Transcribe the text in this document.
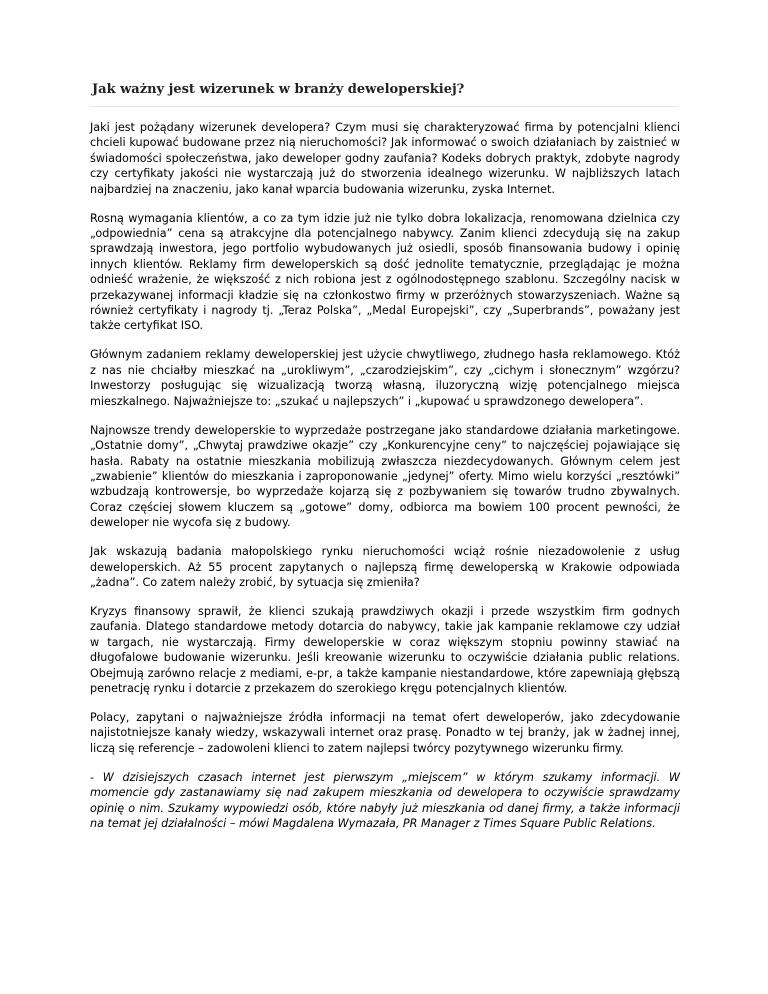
Jak ważny jest wizerunek w branży deweloperskiej?

Jaki jest pożądany wizerunek developera? Czym musi się charakteryzować firma by potencjalni klienci chcieli kupować budowane przez nią nieruchomości? Jak informować o swoich działaniach by zaistnieć w świadomości społeczeństwa, jako deweloper godny zaufania? Kodeks dobrych praktyk, zdobyte nagrody czy certyfikaty jakości nie wystarczają już do stworzenia idealnego wizerunku. W najbliższych latach najbardziej na znaczeniu, jako kanał wparcia budowania wizerunku, zyska Internet.

Rosną wymagania klientów, a co za tym idzie już nie tylko dobra lokalizacja, renomowana dzielnica czy „odpowiednia” cena są atrakcyjne dla potencjalnego nabywcy. Zanim klienci zdecydują się na zakup sprawdzają inwestora, jego portfolio wybudowanych już osiedli, sposób finansowania budowy i opinię innych klientów. Reklamy firm deweloperskich są dość jednolite tematycznie, przeglądając je można odnieść wrażenie, że większość z nich robiona jest z ogólnodostępnego szablonu. Szczególny nacisk w przekazywanej informacji kładzie się na członkostwo firmy w przeróżnych stowarzyszeniach. Ważne są również certyfikaty i nagrody tj. „Teraz Polska”, „Medal Europejski”, czy „Superbrands”, poważany jest także certyfikat ISO.

Głównym zadaniem reklamy deweloperskiej jest użycie chwytliwego, złudnego hasła reklamowego. Któż z nas nie chciałby mieszkać na „urokliwym”, „czarodziejskim”, czy „cichym i słonecznym” wzgórzu? Inwestorzy posługując się wizualizacją tworzą własną, iluzoryczną wizję potencjalnego miejsca mieszkalnego. Najważniejsze to: „szukać u najlepszych” i „kupować u sprawdzonego dewelopera”.

Najnowsze trendy deweloperskie to wyprzedaże postrzegane jako standardowe działania marketingowe. „Ostatnie domy”, „Chwytaj prawdziwe okazje” czy „Konkurencyjne ceny” to najczęściej pojawiające się hasła. Rabaty na ostatnie mieszkania mobilizują zwłaszcza niezdecydowanych. Głównym celem jest „zwabienie” klientów do mieszkania i zaproponowanie „jedynej” oferty. Mimo wielu korzyści „resztówki” wzbudzają kontrowersje, bo wyprzedaże kojarzą się z pozbywaniem się towarów trudno zbywalnych. Coraz częściej słowem kluczem są „gotowe” domy, odbiorca ma bowiem 100 procent pewności, że deweloper nie wycofa się z budowy.

Jak wskazują badania małopolskiego rynku nieruchomości wciąż rośnie niezadowolenie z usług deweloperskich. Aż 55 procent zapytanych o najlepszą firmę deweloperską w Krakowie odpowiada „żadna”. Co zatem należy zrobić, by sytuacja się zmieniła?

Kryzys finansowy sprawił, że klienci szukają prawdziwych okazji i przede wszystkim firm godnych zaufania. Dlatego standardowe metody dotarcia do nabywcy, takie jak kampanie reklamowe czy udział w targach, nie wystarczają. Firmy deweloperskie w coraz większym stopniu powinny stawiać na długofalowe budowanie wizerunku. Jeśli kreowanie wizerunku to oczywiście działania public relations. Obejmują zarówno relacje z mediami, e-pr, a także kampanie niestandardowe, które zapewniają głębszą penetrację rynku i dotarcie z przekazem do szerokiego kręgu potencjalnych klientów.

Polacy, zapytani o najważniejsze źródła informacji na temat ofert deweloperów, jako zdecydowanie najistotniejsze kanały wiedzy, wskazywali internet oraz prasę. Ponadto w tej branży, jak w żadnej innej, liczą się referencje – zadowoleni klienci to zatem najlepsi twórcy pozytywnego wizerunku firmy.

- W dzisiejszych czasach internet jest pierwszym „miejscem” w którym szukamy informacji. W momencie gdy zastanawiamy się nad zakupem mieszkania od dewelopera to oczywiście sprawdzamy opinię o nim. Szukamy wypowiedzi osób, które nabyły już mieszkania od danej firmy, a także informacji na temat jej działalności – mówi Magdalena Wymazała, PR Manager z Times Square Public Relations.
